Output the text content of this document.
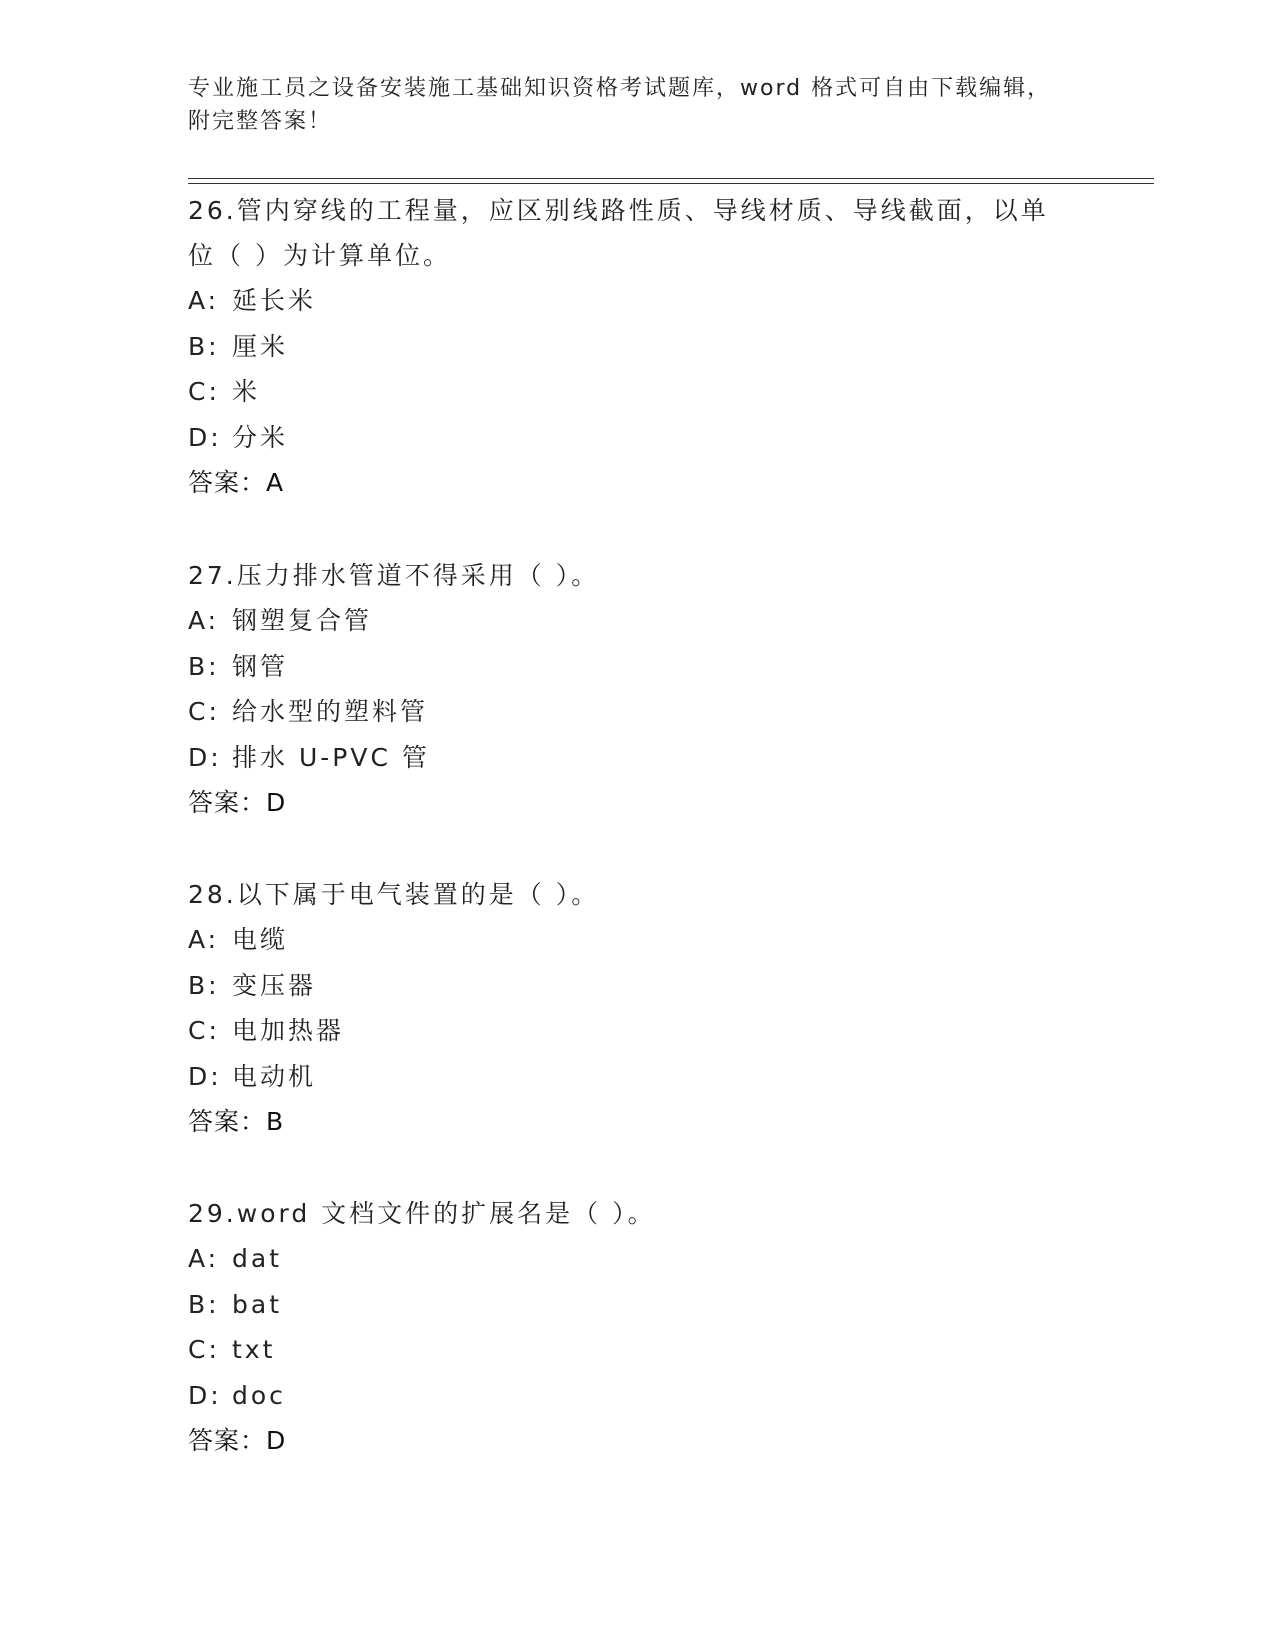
专业施工员之设备安装施工基础知识资格考试题库，word 格式可自由下载编辑，
附完整答案！

26.管内穿线的工程量，应区别线路性质、导线材质、导线截面，以单

位（ ）为计算单位。

A: 延长米

B: 厘米

C: 米

D: 分米

答案：A

27.压力排水管道不得采用（ ）。

A: 钢塑复合管

B: 钢管

C: 给水型的塑料管

D: 排水 U-PVC 管

答案：D

28.以下属于电气装置的是（ ）。

A: 电缆

B: 变压器

C: 电加热器

D: 电动机

答案：B

29.word 文档文件的扩展名是（ ）。

A: dat

B: bat

C: txt

D: doc

答案：D
